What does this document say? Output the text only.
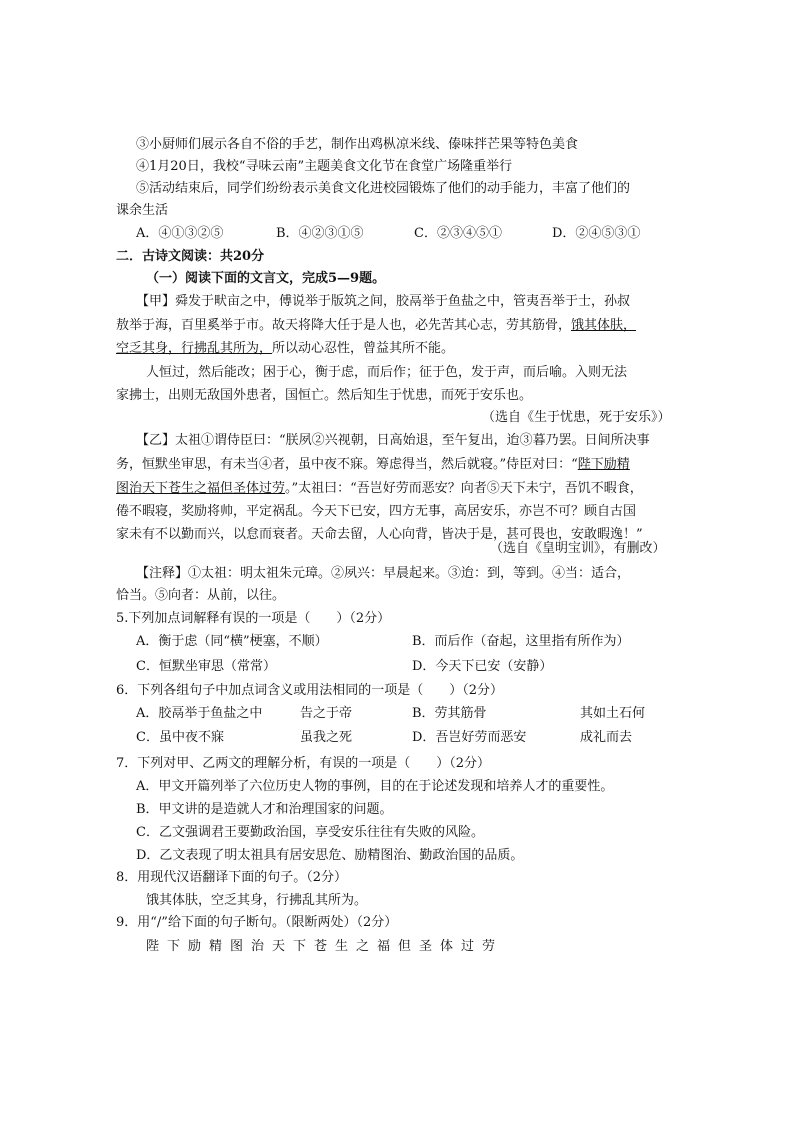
③小厨师们展示各自不俗的手艺，制作出鸡枞凉米线、傣味拌芒果等特色美食
④1月20日，我校“寻味云南”主题美食文化节在食堂广场隆重举行
⑤活动结束后，同学们纷纷表示美食文化进校园锻炼了他们的动手能力，丰富了他们的
课余生活
A．④①③②⑤	B．④②③①⑤	C．②③④⑤①	D．②④⑤③①
二．古诗文阅读：共20分
（一）阅读下面的文言文，完成5—9题。
【甲】舜发于畎亩之中，傅说举于版筑之间，胶鬲举于鱼盐之中，管夷吾举于士，孙叔
敖举于海，百里奚举于市。故天将降大任于是人也，必先苦其心志，劳其筋骨，饿其体肤，
空乏其身，行拂乱其所为，所以动心忍性，曾益其所不能。
人恒过，然后能改；困于心，衡于虑，而后作；征于色，发于声，而后喻。入则无法
家拂士，出则无敌国外患者，国恒亡。然后知生于忧患，而死于安乐也。
（选自《生于忧患，死于安乐》）
【乙】太祖①谓侍臣曰：“朕夙②兴视朝，日高始退，至午复出，迨③暮乃罢。日间所决事
务，恒默坐审思，有未当④者，虽中夜不寐。筹虑得当，然后就寝。”侍臣对曰：“陛下励精
图治天下苍生之福但圣体过劳。”太祖曰：“吾岂好劳而恶安？向者⑤天下未宁，吾饥不暇食，
倦不暇寝，奖励将帅，平定祸乱。今天下已安，四方无事，高居安乐，亦岂不可？顾自古国
家未有不以勤而兴，以怠而衰者。天命去留，人心向背，皆决于是，甚可畏也，安敢暇逸！”
（选自《皇明宝训》，有删改）
【注释】①太祖：明太祖朱元璋。②夙兴：早晨起来。③迨：到，等到。④当：适合，
恰当。⑤向者：从前，以往。
5.下列加点词解释有误的一项是（　　）（2分）
A．衡于虑（同“横”梗塞，不顺）	B．而后作（奋起，这里指有所作为）
C．恒默坐审思（常常）	D．今天下已安（安静）
6．下列各组句子中加点词含义或用法相同的一项是（　　）（2分）
A．胶鬲举于鱼盐之中	告之于帝	B．劳其筋骨	其如土石何
C．虽中夜不寐	虽我之死	D．吾岂好劳而恶安	成礼而去
7．下列对甲、乙两文的理解分析，有误的一项是（　　）（2分）
A．甲文开篇列举了六位历史人物的事例，目的在于论述发现和培养人才的重要性。
B．甲文讲的是造就人才和治理国家的问题。
C．乙文强调君王要勤政治国，享受安乐往往有失败的风险。
D．乙文表现了明太祖具有居安思危、励精图治、勤政治国的品质。
8．用现代汉语翻译下面的句子。（2分）
饿其体肤，空乏其身，行拂乱其所为。
9．用“/”给下面的句子断句。（限断两处）（2分）
陛 下 励 精 图 治 天 下 苍 生 之 福 但 圣 体 过 劳
